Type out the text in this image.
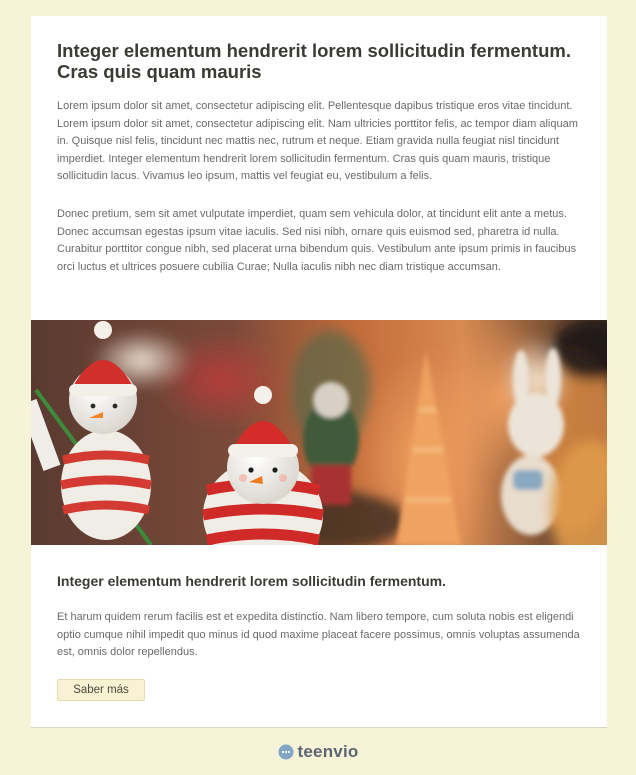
Integer elementum hendrerit lorem sollicitudin fermentum. Cras quis quam mauris

Lorem ipsum dolor sit amet, consectetur adipiscing elit. Pellentesque dapibus tristique eros vitae tincidunt. Lorem ipsum dolor sit amet, consectetur adipiscing elit. Nam ultricies porttitor felis, ac tempor diam aliquam in. Quisque nisl felis, tincidunt nec mattis nec, rutrum et neque. Etiam gravida nulla feugiat nisl tincidunt imperdiet. Integer elementum hendrerit lorem sollicitudin fermentum. Cras quis quam mauris, tristique sollicitudin lacus. Vivamus leo ipsum, mattis vel feugiat eu, vestibulum a felis.

Donec pretium, sem sit amet vulputate imperdiet, quam sem vehicula dolor, at tincidunt elit ante a metus. Donec accumsan egestas ipsum vitae iaculis. Sed nisi nibh, ornare quis euismod sed, pharetra id nulla. Curabitur porttitor congue nibh, sed placerat urna bibendum quis. Vestibulum ante ipsum primis in faucibus orci luctus et ultrices posuere cubilia Curae; Nulla iaculis nibh nec diam tristique accumsan.

Integer elementum hendrerit lorem sollicitudin fermentum.

Et harum quidem rerum facilis est et expedita distinctio. Nam libero tempore, cum soluta nobis est eligendi optio cumque nihil impedit quo minus id quod maxime placeat facere possimus, omnis voluptas assumenda est, omnis dolor repellendus.

Saber más
teenvio
